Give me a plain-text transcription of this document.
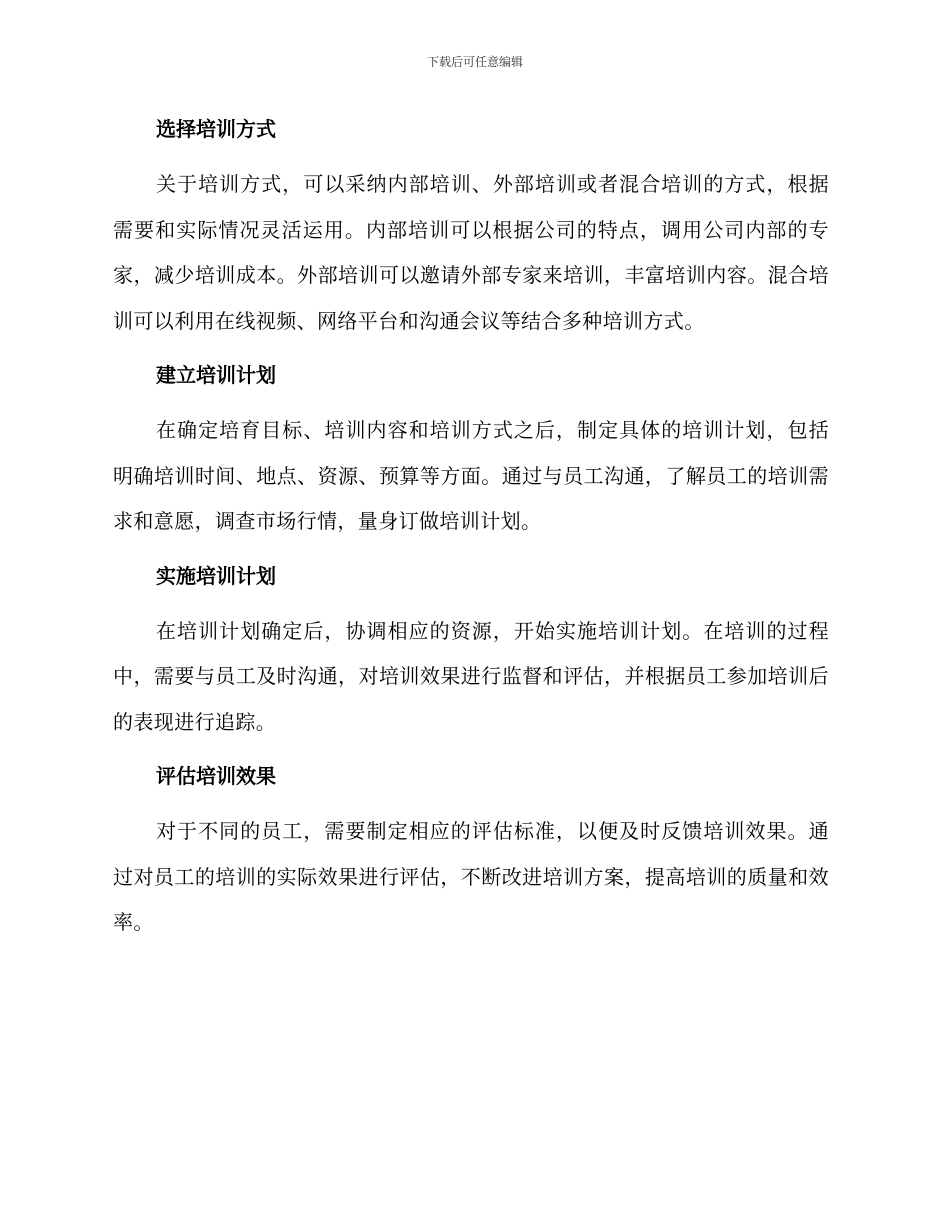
下载后可任意编辑
选择培训方式

关于培训方式，可以采纳内部培训、外部培训或者混合培训的方式，根据需要和实际情况灵活运用。内部培训可以根据公司的特点，调用公司内部的专家，减少培训成本。外部培训可以邀请外部专家来培训，丰富培训内容。混合培训可以利用在线视频、网络平台和沟通会议等结合多种培训方式。

建立培训计划

在确定培育目标、培训内容和培训方式之后，制定具体的培训计划，包括明确培训时间、地点、资源、预算等方面。通过与员工沟通，了解员工的培训需求和意愿，调查市场行情，量身订做培训计划。

实施培训计划

在培训计划确定后，协调相应的资源，开始实施培训计划。在培训的过程中，需要与员工及时沟通，对培训效果进行监督和评估，并根据员工参加培训后的表现进行追踪。

评估培训效果

对于不同的员工，需要制定相应的评估标准，以便及时反馈培训效果。通过对员工的培训的实际效果进行评估，不断改进培训方案，提高培训的质量和效率。
